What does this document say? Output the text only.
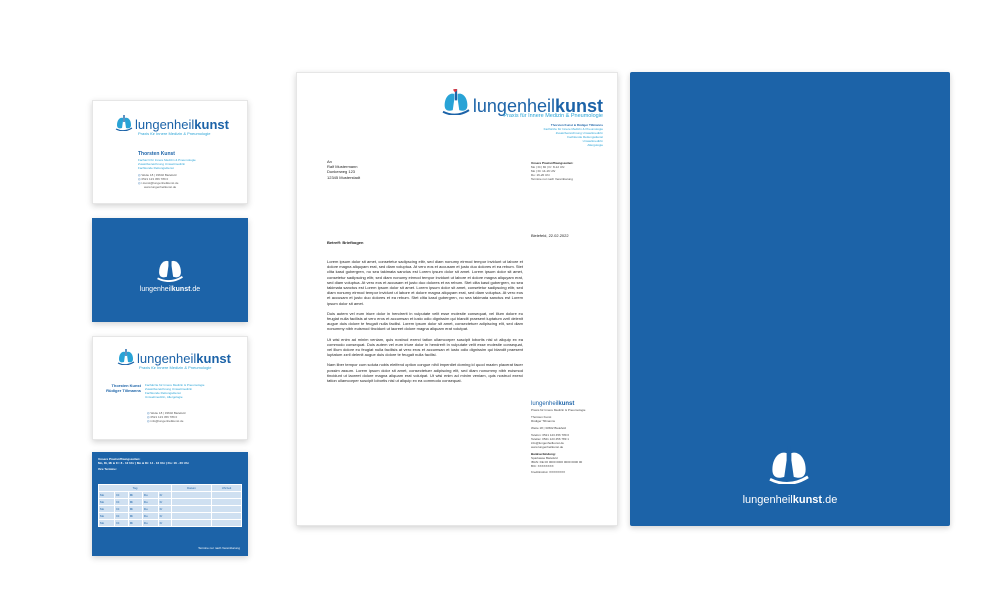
lungenheilkunst
Praxis für Innere Medizin & Pneumologie
Thorsten Kunst
Facharzt für Innere Medizin & Pneumologie
Zusatzbezeichnung Umweltmedizin
Fachkunde Rettungsdienst
◎ Weite 18 | 33602 Bielefeld
◎ 0521 123 456 789 0
◎ t.kunst@lungenheilkunst.de
www.lungenheilkunst.de
lungenheilkunst.de
lungenheilkunst
Praxis für Innere Medizin & Pneumologie
Thorsten Kunst
Rüdiger Tillmanns
Fachärzte für Innere Medizin & Pneumologie
Zusatzbezeichnung Umweltmedizin
Fachkunde Rettungsdienst
Umweltmedizin, Allergologie
◎ Weite 18 | 33602 Bielefeld
◎ 0521 123 456 789 0
◎ info@lungenheilkunst.de
Unsere Praxisöffnungszeiten:
Mo, Di, Mi & Fr: 8 - 12 Uhr | Mo & Di: 14 - 16 Uhr | Do: 16 - 20 Uhr
Ihre Termine:
Tag					Datum	Uhrzeit
Mo	Di	Mi	Do	Fr		
Mo	Di	Mi	Do	Fr		
Mo	Di	Mi	Do	Fr		
Mo	Di	Mi	Do	Fr		
Mo	Di	Mi	Do	Fr		
Termine nur nach Vereinbarung
lungenheilkunst
Praxis für Innere Medizin & Pneumologie
Thorsten Kunst & Rüdiger Tillmanns
Fachärzte für Innere Medizin & Pneumologie
Zusatzbezeichnung Umweltmedizin
Fachkunde Rettungsdienst
Umweltmedizin
Allergologie
An
Ralf Mustermann
Dunkerweg 123
12345 Musterstadt
Unsere Praxisöffnungszeiten:
Mo | Di | Mi | Fr: 8-12 Uhr
Mo | Di: 14-16 Uhr
Do: 16-20 Uhr
Termine nur nach Vereinbarung
Bielefeld, 22.02.2022
Betreff: Briefbogen

Lorem ipsum dolor sit amet, consetetur sadipscing elitr, sed diam nonumy eirmod tempor invidunt ut labore et dolore magna aliquyam erat, sed diam voluptua. At vero eos et accusam et justo duo dolores et ea rebum. Stet clita kasd gubergren, no sea takimata sanctus est Lorem ipsum dolor sit amet. Lorem ipsum dolor sit amet, consetetur sadipscing elitr, sed diam nonumy eirmod tempor invidunt ut labore et dolore magna aliquyam erat, sed diam voluptua. At vero eos et accusam et justo duo dolores et ea rebum. Stet clita kasd gubergren, no sea takimata sanctus est Lorem ipsum dolor sit amet. Lorem ipsum dolor sit amet, consetetur sadipscing elitr, sed diam nonumy eirmod tempor invidunt ut labore et dolore magna aliquyam erat, sed diam voluptua. At vero eos et accusam et justo duo dolores et ea rebum. Stet clita kasd gubergren, no sea takimata sanctus est Lorem ipsum dolor sit amet.

Duis autem vel eum iriure dolor in hendrerit in vulputate velit esse molestie consequat, vel illum dolore eu feugiat nulla facilisis at vero eros et accumsan et iusto odio dignissim qui blandit praesent luptatum zzril delenit augue duis dolore te feugait nulla facilisi. Lorem ipsum dolor sit amet, consectetuer adipiscing elit, sed diam nonummy nibh euismod tincidunt ut laoreet dolore magna aliquam erat volutpat.

Ut wisi enim ad minim veniam, quis nostrud exerci tation ullamcorper suscipit lobortis nisl ut aliquip ex ea commodo consequat. Duis autem vel eum iriure dolor in hendrerit in vulputate velit esse molestie consequat, vel illum dolore eu feugiat nulla facilisis at vero eros et accumsan et iusto odio dignissim qui blandit praesent luptatum zzril delenit augue duis dolore te feugait nulla facilisi.

Nam liber tempor cum soluta nobis eleifend option congue nihil imperdiet doming id quod mazim placerat facer possim assum. Lorem ipsum dolor sit amet, consectetuer adipiscing elit, sed diam nonummy nibh euismod tincidunt ut laoreet dolore magna aliquam erat volutpat. Ut wisi enim ad minim veniam, quis nostrud exerci tation ullamcorper suscipit lobortis nisl ut aliquip ex ea commodo consequat.

lungenheilkunst
Praxis für Innere Medizin & Pneumologie
Thorsten Kunst
Rüdiger Tillmanns
Weite 18 | 33602 Bielefeld
Telefon: 0521 123 456 789 0
Telefax: 0521 123 456 789 1
info@lungenheilkunst.de
www.lungenheilkunst.de
Bankverbindung:
Sparkasse Bielefeld
IBAN: DE 00 0000 0000 0000 0000 00
BIC: XXXXXXXX
Kreditinstitut: XXXXXXXX
lungenheilkunst.de
